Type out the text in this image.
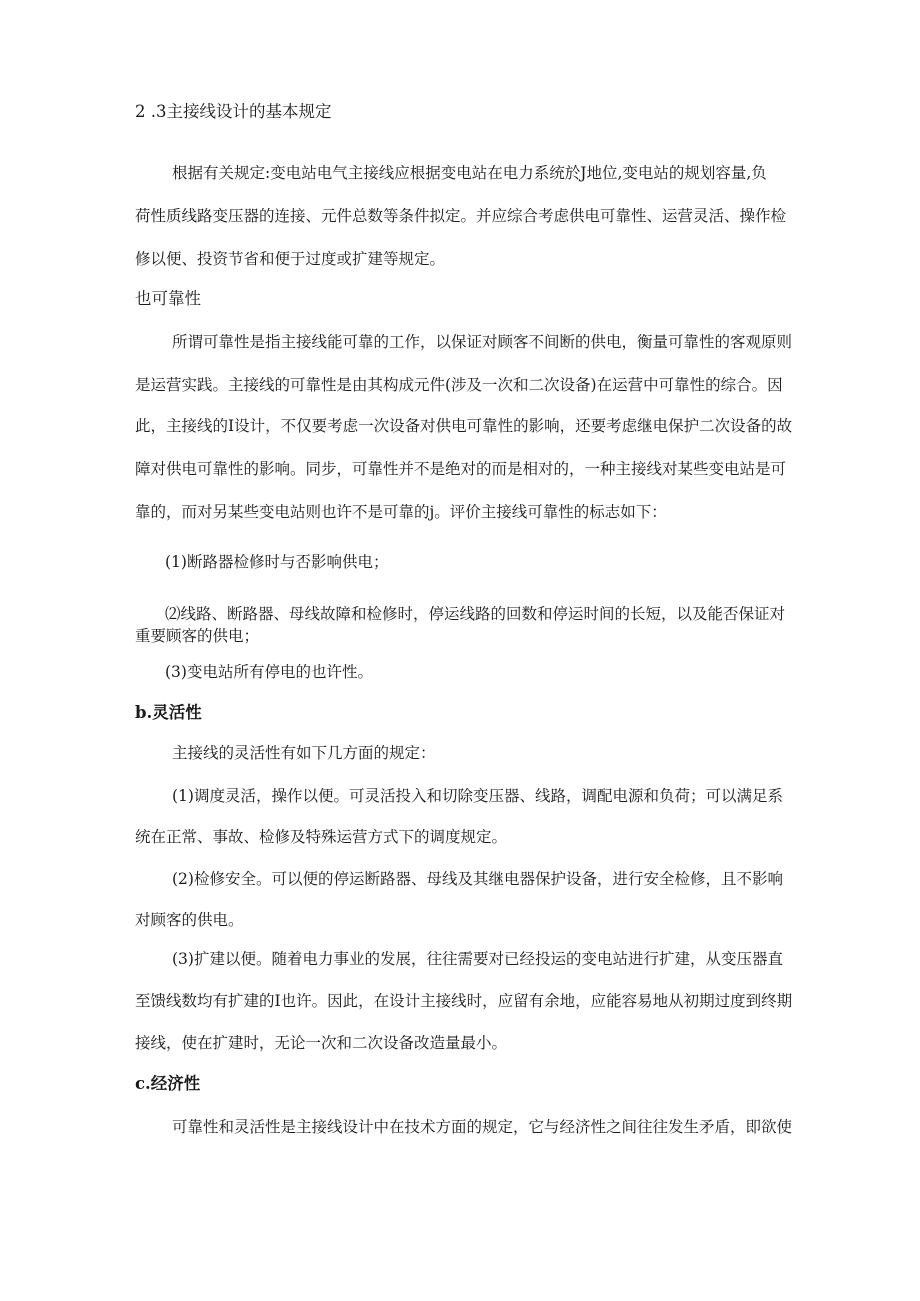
2 .3主接线设计的基本规定
根据有关规定:变电站电气主接线应根据变电站在电力系统於J地位,变电站的规划容量,负
荷性质线路变压器的连接、元件总数等条件拟定。并应综合考虑供电可靠性、运营灵活、操作检
修以便、投资节省和便于过度或扩建等规定。
也可靠性
所谓可靠性是指主接线能可靠的工作，以保证对顾客不间断的供电，衡量可靠性的客观原则
是运营实践。主接线的可靠性是由其构成元件(涉及一次和二次设备)在运营中可靠性的综合。因
此，主接线的I设计，不仅要考虑一次设备对供电可靠性的影响，还要考虑继电保护二次设备的故
障对供电可靠性的影响。同步，可靠性并不是绝对的而是相对的，一种主接线对某些变电站是可
靠的，而对另某些变电站则也许不是可靠的j。评价主接线可靠性的标志如下：
(1)断路器检修时与否影响供电；
⑵线路、断路器、母线故障和检修时，停运线路的回数和停运时间的长短，以及能否保证对
重要顾客的供电；
(3)变电站所有停电的也许性。
b.灵活性
主接线的灵活性有如下几方面的规定：
(1)调度灵活，操作以便。可灵活投入和切除变压器、线路，调配电源和负荷；可以满足系
统在正常、事故、检修及特殊运营方式下的调度规定。
(2)检修安全。可以便的停运断路器、母线及其继电器保护设备，进行安全检修，且不影响
对顾客的供电。
(3)扩建以便。随着电力事业的发展，往往需要对已经投运的变电站进行扩建，从变压器直
至馈线数均有扩建的I也许。因此，在设计主接线时，应留有余地，应能容易地从初期过度到终期
接线，使在扩建时，无论一次和二次设备改造量最小。
c.经济性
可靠性和灵活性是主接线设计中在技术方面的规定，它与经济性之间往往发生矛盾，即欲使
